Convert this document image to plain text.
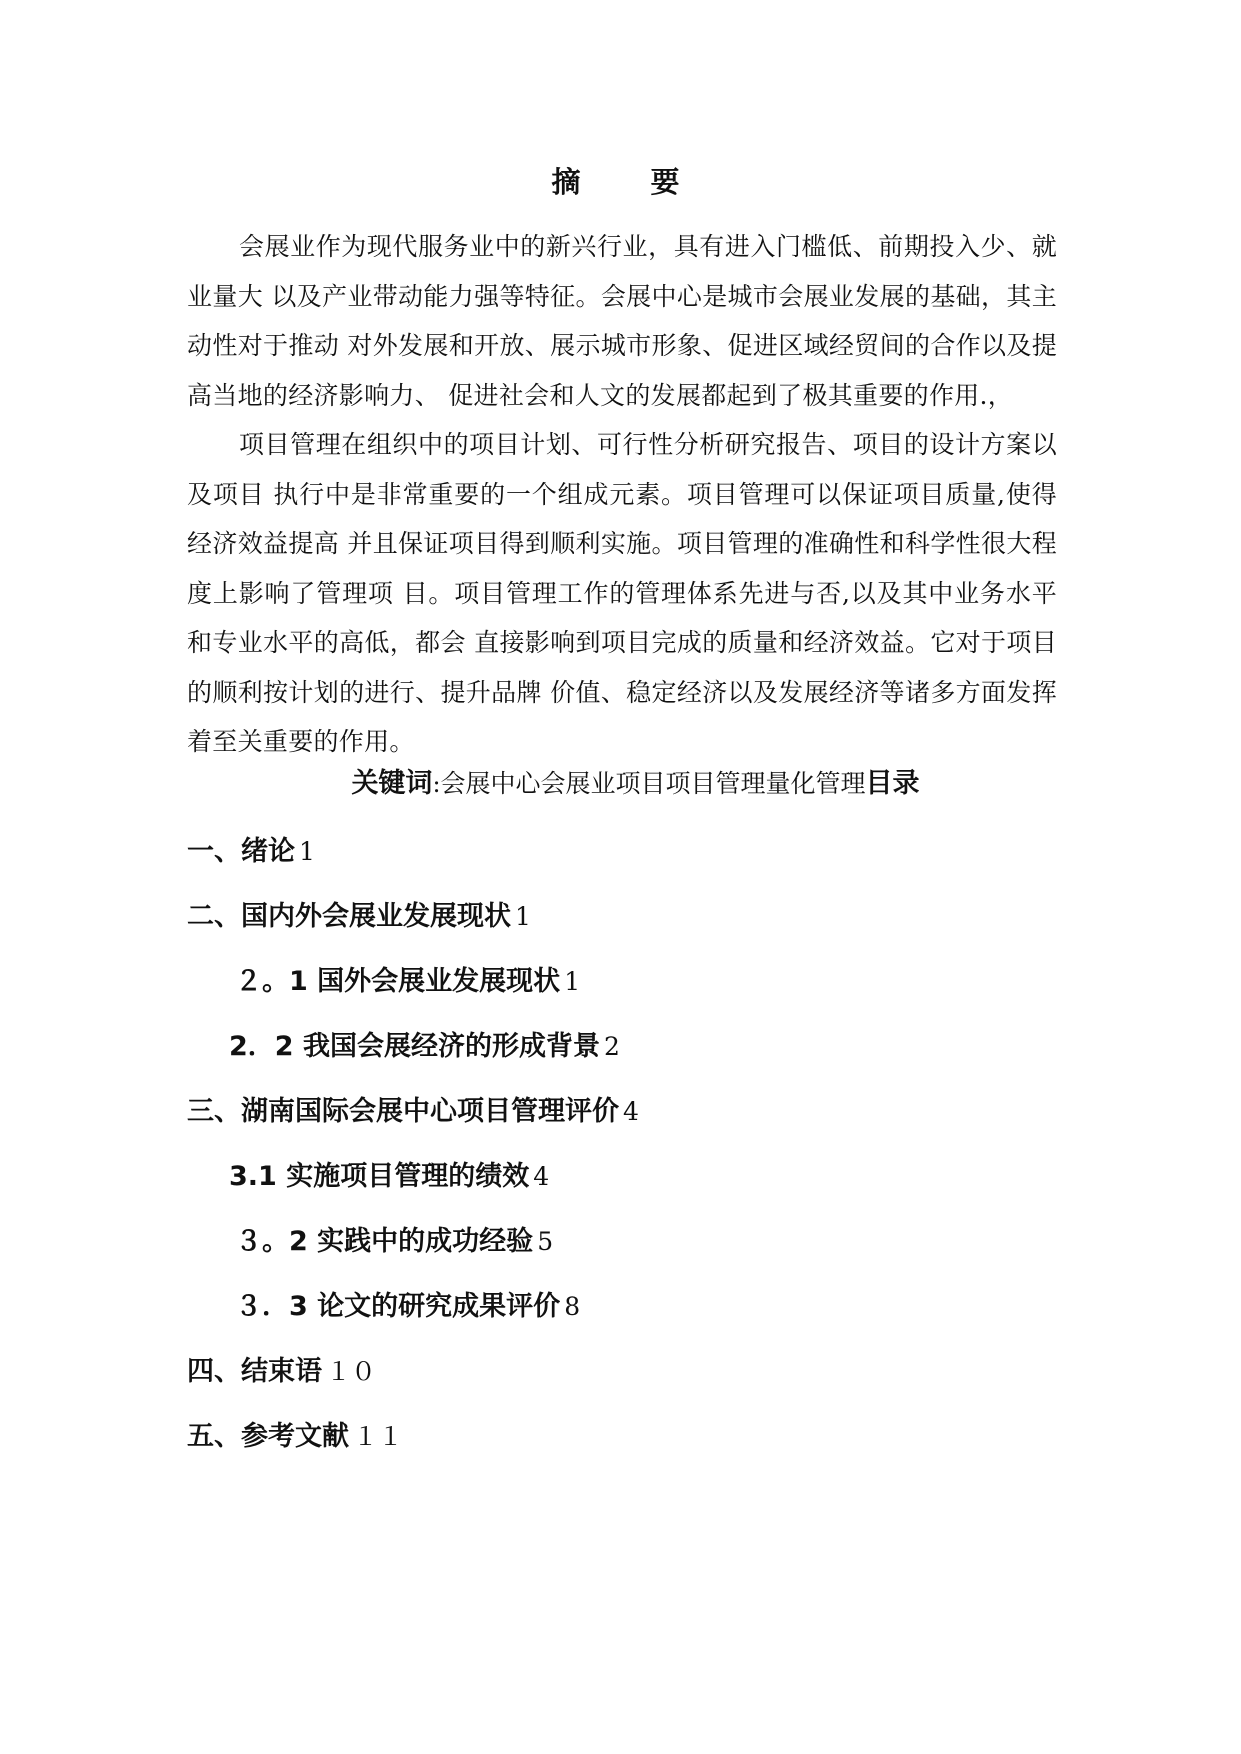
摘 要

会展业作为现代服务业中的新兴行业，具有进入门槛低、前期投入少、就业量大 以及产业带动能力强等特征。会展中心是城市会展业发展的基础，其主动性对于推动 对外发展和开放、展示城市形象、促进区域经贸间的合作以及提高当地的经济影响力、 促进社会和人文的发展都起到了极其重要的作用.，

项目管理在组织中的项目计划、可行性分析研究报告、项目的设计方案以及项目 执行中是非常重要的一个组成元素。项目管理可以保证项目质量,使得经济效益提高 并且保证项目得到顺利实施。项目管理的准确性和科学性很大程度上影响了管理项 目。项目管理工作的管理体系先进与否,以及其中业务水平和专业水平的高低，都会 直接影响到项目完成的质量和经济效益。它对于项目的顺利按计划的进行、提升品牌 价值、稳定经济以及发展经济等诸多方面发挥着至关重要的作用。

关键词:会展中心会展业项目项目管理量化管理目录
一、绪论 1
二、国内外会展业发展现状 1
２。1 国外会展业发展现状 1
2．2 我国会展经济的形成背景 2
三、湖南国际会展中心项目管理评价 4
3.1 实施项目管理的绩效 4
３。2 实践中的成功经验 5
３．3 论文的研究成果评价 8
四、结束语 １０
五、参考文献 １１
